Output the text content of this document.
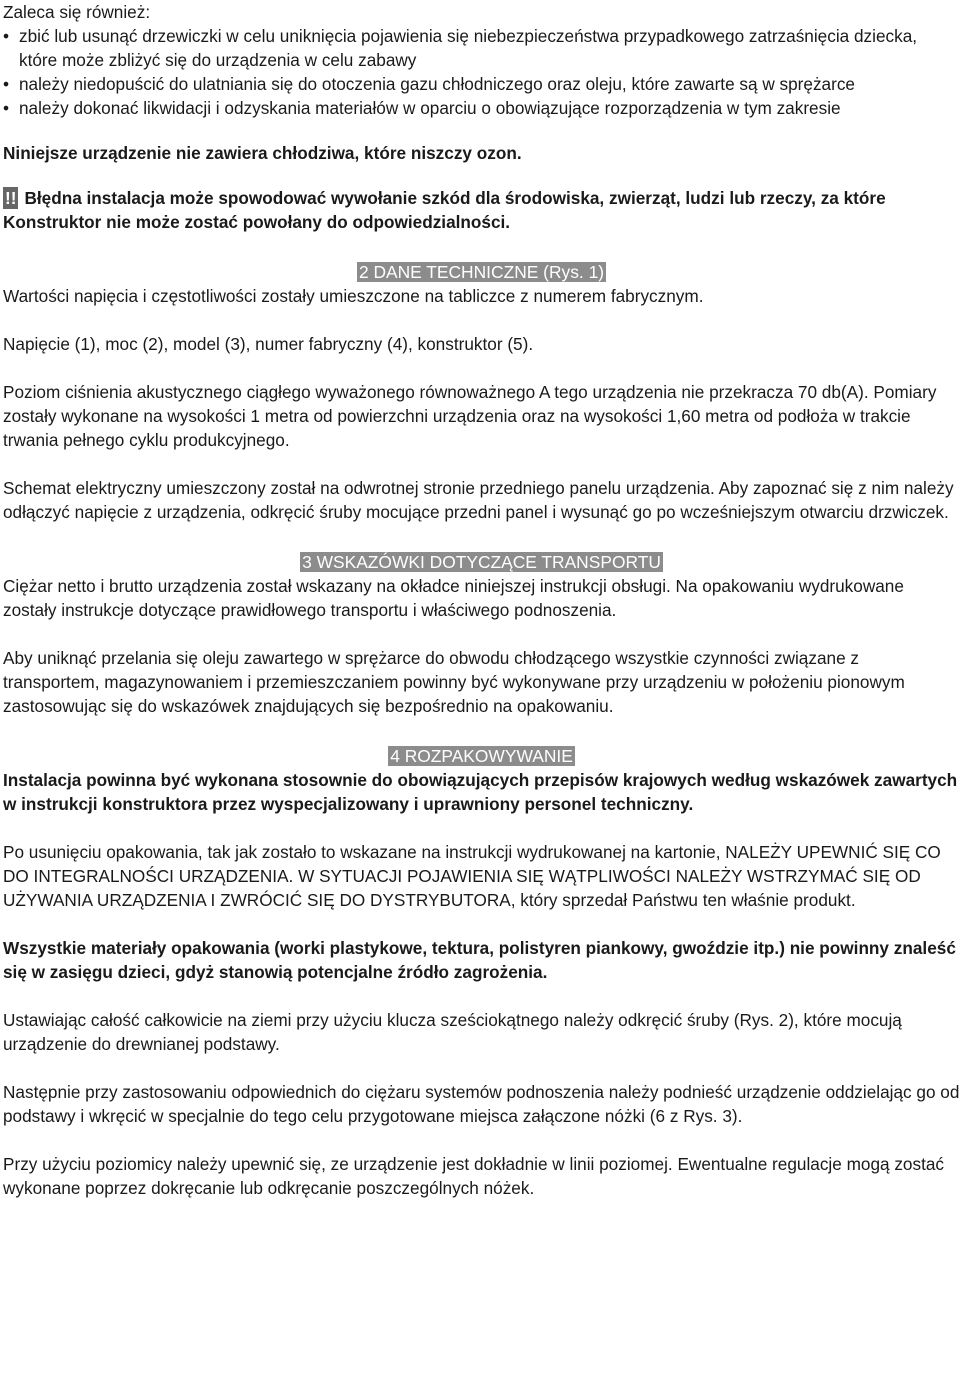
Zaleca się również:

• zbić lub usunąć drzewiczki w celu uniknięcia pojawienia się niebezpieczeństwa przypadkowego zatrzaśnięcia dziecka, które może zbliżyć się do urządzenia w celu zabawy
• należy niedopuścić do ulatniania się do otoczenia gazu chłodniczego oraz oleju, które zawarte są w sprężarce
• należy dokonać likwidacji i odzyskania materiałów w oparciu o obowiązujące rozporządzenia w tym zakresie

Niniejsze urządzenie nie zawiera chłodziwa, które niszczy ozon.

!! Błędna instalacja może spowodować wywołanie szkód dla środowiska, zwierząt, ludzi lub rzeczy, za które Konstruktor nie może zostać powołany do odpowiedzialności.

2 DANE TECHNICZNE (Rys. 1)

Wartości napięcia i częstotliwości zostały umieszczone na tabliczce z numerem fabrycznym.

Napięcie (1), moc (2), model (3), numer fabryczny (4), konstruktor (5).

Poziom ciśnienia akustycznego ciągłego wyważonego równoważnego A tego urządzenia nie przekracza 70 db(A). Pomiary zostały wykonane na wysokości 1 metra od powierzchni urządzenia oraz na wysokości 1,60 metra od podłoża w trakcie trwania pełnego cyklu produkcyjnego.

Schemat elektryczny umieszczony został na odwrotnej stronie przedniego panelu urządzenia. Aby zapoznać się z nim należy odłączyć napięcie z urządzenia, odkręcić śruby mocujące przedni panel i wysunąć go po wcześniejszym otwarciu drzwiczek.

3 WSKAZÓWKI DOTYCZĄCE TRANSPORTU

Ciężar netto i brutto urządzenia został wskazany na okładce niniejszej instrukcji obsługi. Na opakowaniu wydrukowane zostały instrukcje dotyczące prawidłowego transportu i właściwego podnoszenia.

Aby uniknąć przelania się oleju zawartego w sprężarce do obwodu chłodzącego wszystkie czynności związane z transportem, magazynowaniem i przemieszczaniem powinny być wykonywane przy urządzeniu w położeniu pionowym zastosowując się do wskazówek znajdujących się bezpośrednio na opakowaniu.

4 ROZPAKOWYWANIE

Instalacja powinna być wykonana stosownie do obowiązujących przepisów krajowych według wskazówek zawartych w instrukcji konstruktora przez wyspecjalizowany i uprawniony personel techniczny.

Po usunięciu opakowania, tak jak zostało to wskazane na instrukcji wydrukowanej na kartonie, NALEŻY UPEWNIĆ SIĘ CO DO INTEGRALNOŚCI URZĄDZENIA. W SYTUACJI POJAWIENIA SIĘ WĄTPLIWOŚCI NALEŻY WSTRZYMAĆ SIĘ OD UŻYWANIA URZĄDZENIA I ZWRÓCIĆ SIĘ DO DYSTRYBUTORA, który sprzedał Państwu ten właśnie produkt.

Wszystkie materiały opakowania (worki plastykowe, tektura, polistyren piankowy, gwoździe itp.) nie powinny znaleść się w zasięgu dzieci, gdyż stanowią potencjalne źródło zagrożenia.

Ustawiając całość całkowicie na ziemi przy użyciu klucza sześciokątnego należy odkręcić śruby (Rys. 2), które mocują urządzenie do drewnianej podstawy.

Następnie przy zastosowaniu odpowiednich do ciężaru systemów podnoszenia należy podnieść urządzenie oddzielając go od podstawy i wkręcić w specjalnie do tego celu przygotowane miejsca załączone nóżki (6 z Rys. 3).

Przy użyciu poziomicy należy upewnić się, ze urządzenie jest dokładnie w linii poziomej. Ewentualne regulacje mogą zostać wykonane poprzez dokręcanie lub odkręcanie poszczególnych nóżek.
